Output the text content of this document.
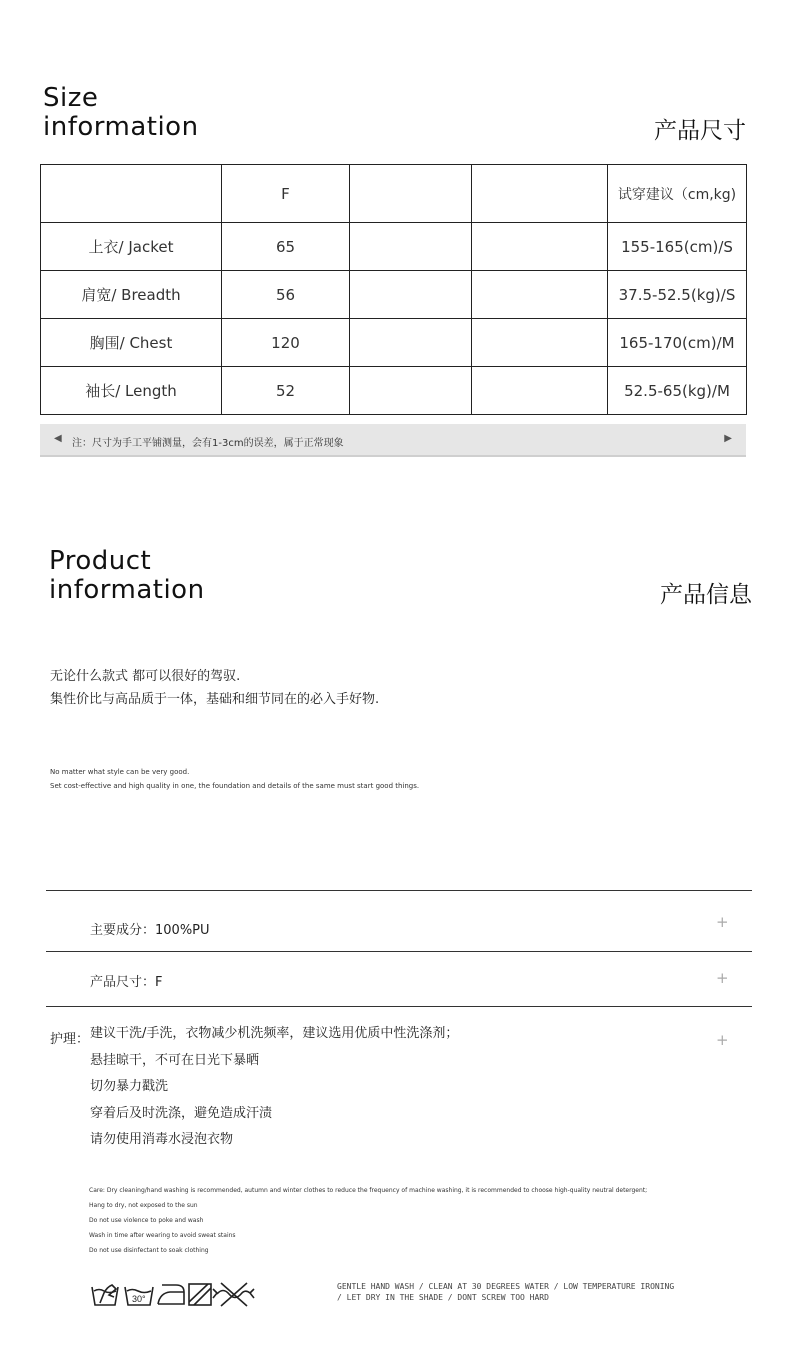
Size
information	产品尺寸
	F			试穿建议（cm,kg)
上衣/ Jacket	65			155-165(cm)/S
肩宽/ Breadth	56			37.5-52.5(kg)/S
胸围/ Chest	120			165-170(cm)/M
袖长/ Length	52			52.5-65(kg)/M
◀ 注：尺寸为手工平铺测量，会有1-3cm的误差，属于正常现象	▶
Product
information	产品信息
无论什么款式 都可以很好的驾驭.
集性价比与高品质于一体，基础和细节同在的必入手好物.
No matter what style can be very good.
Set cost-effective and high quality in one, the foundation and details of the same must start good things.
主要成分：100%PU	+
产品尺寸：F	+
护理： 建议干洗/手洗，衣物减少机洗频率，建议选用优质中性洗涤剂；
悬挂晾干，不可在日光下暴晒
切勿暴力戳洗
穿着后及时洗涤，避免造成汗渍
请勿使用消毒水浸泡衣物
+
Care: Dry cleaning/hand washing is recommended, autumn and winter clothes to reduce the frequency of machine washing, it is recommended to choose high-quality neutral detergent;
Hang to dry, not exposed to the sun
Do not use violence to poke and wash
Wash in time after wearing to avoid sweat stains
Do not use disinfectant to soak clothing
30°
GENTLE HAND WASH / CLEAN AT 30 DEGREES WATER / LOW TEMPERATURE IRONING
/ LET DRY IN THE SHADE / DONT SCREW TOO HARD
